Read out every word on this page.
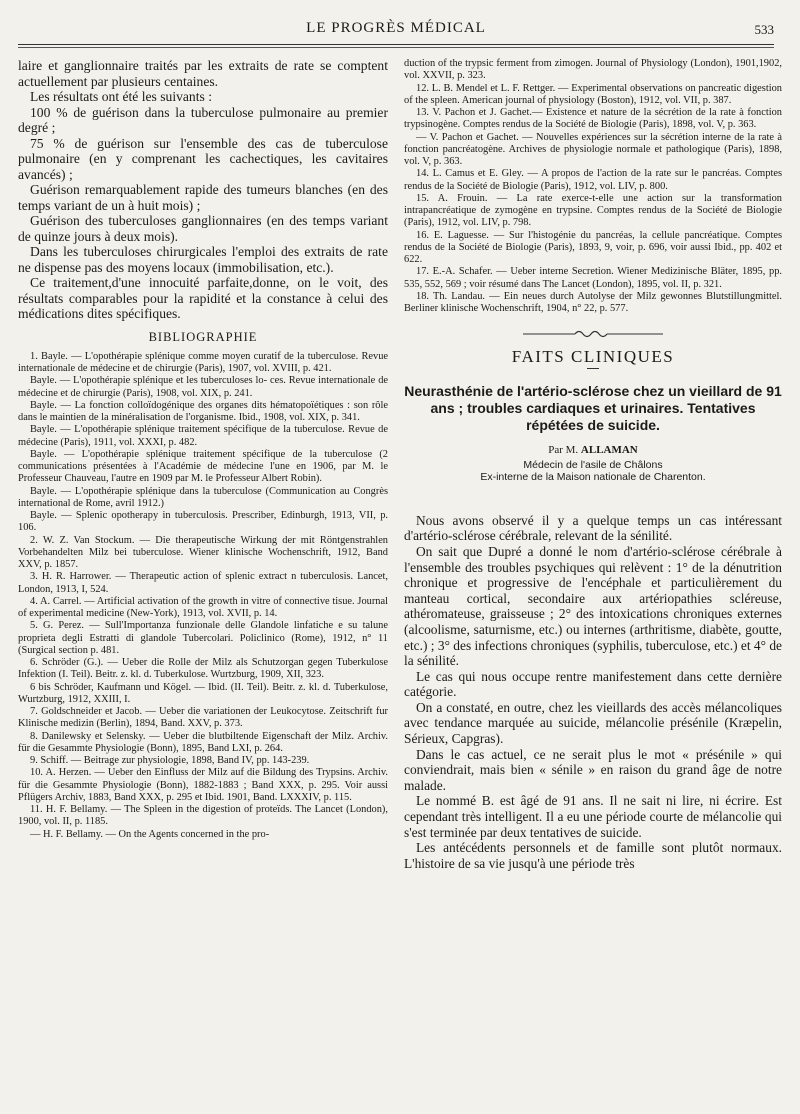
LE PROGRÈS MÉDICAL	533

laire et ganglionnaire traités par les extraits de rate se comptent actuellement par plusieurs centaines.

Les résultats ont été les suivants :

100 % de guérison dans la tuberculose pulmonaire au premier degré ;

75 % de guérison sur l'ensemble des cas de tuberculose pulmonaire (en y comprenant les cachectiques, les cavitaires avancés) ;

Guérison remarquablement rapide des tumeurs blanches (en des temps variant de un à huit mois) ;

Guérison des tuberculoses ganglionnaires (en des temps variant de quinze jours à deux mois).

Dans les tuberculoses chirurgicales l'emploi des extraits de rate ne dispense pas des moyens locaux (immobilisation, etc.).

Ce traitement,d'une innocuité parfaite,donne, on le voit, des résultats comparables pour la rapidité et la constance à celui des médications dites spécifiques.

BIBLIOGRAPHIE

1. Bayle. — L'opothérapie splénique comme moyen curatif de la tuberculose. Revue internationale de médecine et de chirurgie (Paris), 1907, vol. XVIII, p. 421.

Bayle. — L'opothérapie splénique et les tuberculoses lo- ces. Revue internationale de médecine et de chirurgie (Paris), 1908, vol. XIX, p. 241.

Bayle. — La fonction colloïdogénique des organes dits hématopoïétiques : son rôle dans le maintien de la minéralisation de l'organisme. Ibid., 1908, vol. XIX, p. 341.

Bayle. — L'opothérapie splénique traitement spécifique de la tuberculose. Revue de médecine (Paris), 1911, vol. XXXI, p. 482.

Bayle. — L'opothérapie splénique traitement spécifique de la tuberculose (2 communications présentées à l'Académie de médecine l'une en 1906, par M. le Professeur Chauveau, l'autre en 1909 par M. le Professeur Albert Robin).

Bayle. — L'opothérapie splénique dans la tuberculose (Communication au Congrès international de Rome, avril 1912.)

Bayle. — Splenic opotherapy in tuberculosis. Prescriber, Edinburgh, 1913, VII, p. 106.

2. W. Z. Van Stockum. — Die therapeutische Wirkung der mit Röntgenstrahlen Vorbehandelten Milz bei tuberculose. Wiener klinische Wochenschrift, 1912, Band XXV, p. 1857.

3. H. R. Harrower. — Therapeutic action of splenic extract n tuberculosis. Lancet, London, 1913, I, 524.

4. A. Carrel. — Artificial activation of the growth in vitre of connective tisue. Journal of experimental medicine (New-York), 1913, vol. XVII, p. 14.

5. G. Perez. — Sull'Importanza funzionale delle Glandole linfatiche e su talune proprieta degli Estratti di glandole Tubercolari. Policlinico (Rome), 1912, n° 11 (Surgical section p. 481.

6. Schröder (G.). — Ueber die Rolle der Milz als Schutzorgan gegen Tuberkulose Infektion (I. Teil). Beitr. z. kl. d. Tuberkulose. Wurtzburg, 1909, XII, 323.

6 bis Schröder, Kaufmann und Kögel. — Ibid. (II. Teil). Beitr. z. kl. d. Tuberkulose, Wurtzburg, 1912, XXIII, I.

7. Goldschneider et Jacob. — Ueber die variationen der Leukocytose. Zeitschrift fur Klinische medizin (Berlin), 1894, Band. XXV, p. 373.

8. Danilewsky et Selensky. — Ueber die blutbiltende Eigenschaft der Milz. Archiv. für die Gesammte Physiologie (Bonn), 1895, Band LXI, p. 264.

9. Schiff. — Beitrage zur physiologie, 1898, Band IV, pp. 143-239.

10. A. Herzen. — Ueber den Einfluss der Milz auf die Bildung des Trypsins. Archiv. für die Gesammte Physiologie (Bonn), 1882-1883 ; Band XXX, p. 295. Voir aussi Pflügers Archiv, 1883, Band XXX, p. 295 et Ibid. 1901, Band. LXXXIV, p. 115.

11. H. F. Bellamy. — The Spleen in the digestion of proteïds. The Lancet (London), 1900, vol. II, p. 1185.

— H. F. Bellamy. — On the Agents concerned in the pro-

duction of the trypsic ferment from zimogen. Journal of Physiology (London), 1901,1902, vol. XXVII, p. 323.

12. L. B. Mendel et L. F. Rettger. — Experimental observations on pancreatic digestion of the spleen. American journal of physiology (Boston), 1912, vol. VII, p. 387.

13. V. Pachon et J. Gachet.— Existence et nature de la sécrétion de la rate à fonction trypsinogène. Comptes rendus de la Société de Biologie (Paris), 1898, vol. V, p. 363.

— V. Pachon et Gachet. — Nouvelles expériences sur la sécrétion interne de la rate à fonction pancréatogène. Archives de physiologie normale et pathologique (Paris), 1898, vol. V, p. 363.

14. L. Camus et E. Gley. — A propos de l'action de la rate sur le pancréas. Comptes rendus de la Société de Biologie (Paris), 1912, vol. LIV, p. 800.

15. A. Frouin. — La rate exerce-t-elle une action sur la transformation intrapancréatique de zymogène en trypsine. Comptes rendus de la Société de Biologie (Paris), 1912, vol. LIV, p. 798.

16. E. Laguesse. — Sur l'histogénie du pancréas, la cellule pancréatique. Comptes rendus de la Société de Biologie (Paris), 1893, 9, voir, p. 696, voir aussi Ibid., pp. 402 et 622.

17. E.-A. Schafer. — Ueber interne Secretion. Wiener Medizinische Bläter, 1895, pp. 535, 552, 569 ; voir résumé dans The Lancet (London), 1895, vol. II, p. 321.

18. Th. Landau. — Ein neues durch Autolyse der Milz gewonnes Blutstillungmittel. Berliner klinische Wochenschrift, 1904, n° 22, p. 577.

FAITS CLINIQUES
Neurasthénie de l'artério-sclérose chez un vieillard de 91 ans ; troubles cardiaques et urinaires. Tentatives répétées de suicide.
Par M. ALLAMAN
Médecin de l'asile de Châlons
Ex-interne de la Maison nationale de Charenton.

Nous avons observé il y a quelque temps un cas intéressant d'artério-sclérose cérébrale, relevant de la sénilité.

On sait que Dupré a donné le nom d'artério-sclérose cérébrale à l'ensemble des troubles psychiques qui relèvent : 1° de la dénutrition chronique et progressive de l'encéphale et particulièrement du manteau cortical, secondaire aux artériopathies scléreuse, athéromateuse, graisseuse ; 2° des intoxications chroniques externes (alcoolisme, saturnisme, etc.) ou internes (arthritisme, diabète, goutte, etc.) ; 3° des infections chroniques (syphilis, tuberculose, etc.) et 4° de la sénilité.

Le cas qui nous occupe rentre manifestement dans cette dernière catégorie.

On a constaté, en outre, chez les vieillards des accès mélancoliques avec tendance marquée au suicide, mélancolie présénile (Kræpelin, Sérieux, Capgras).

Dans le cas actuel, ce ne serait plus le mot « présénile » qui conviendrait, mais bien « sénile » en raison du grand âge de notre malade.

Le nommé B. est âgé de 91 ans. Il ne sait ni lire, ni écrire. Est cependant très intelligent. Il a eu une période courte de mélancolie qui s'est terminée par deux tentatives de suicide.

Les antécédents personnels et de famille sont plutôt normaux. L'histoire de sa vie jusqu'à une période très
